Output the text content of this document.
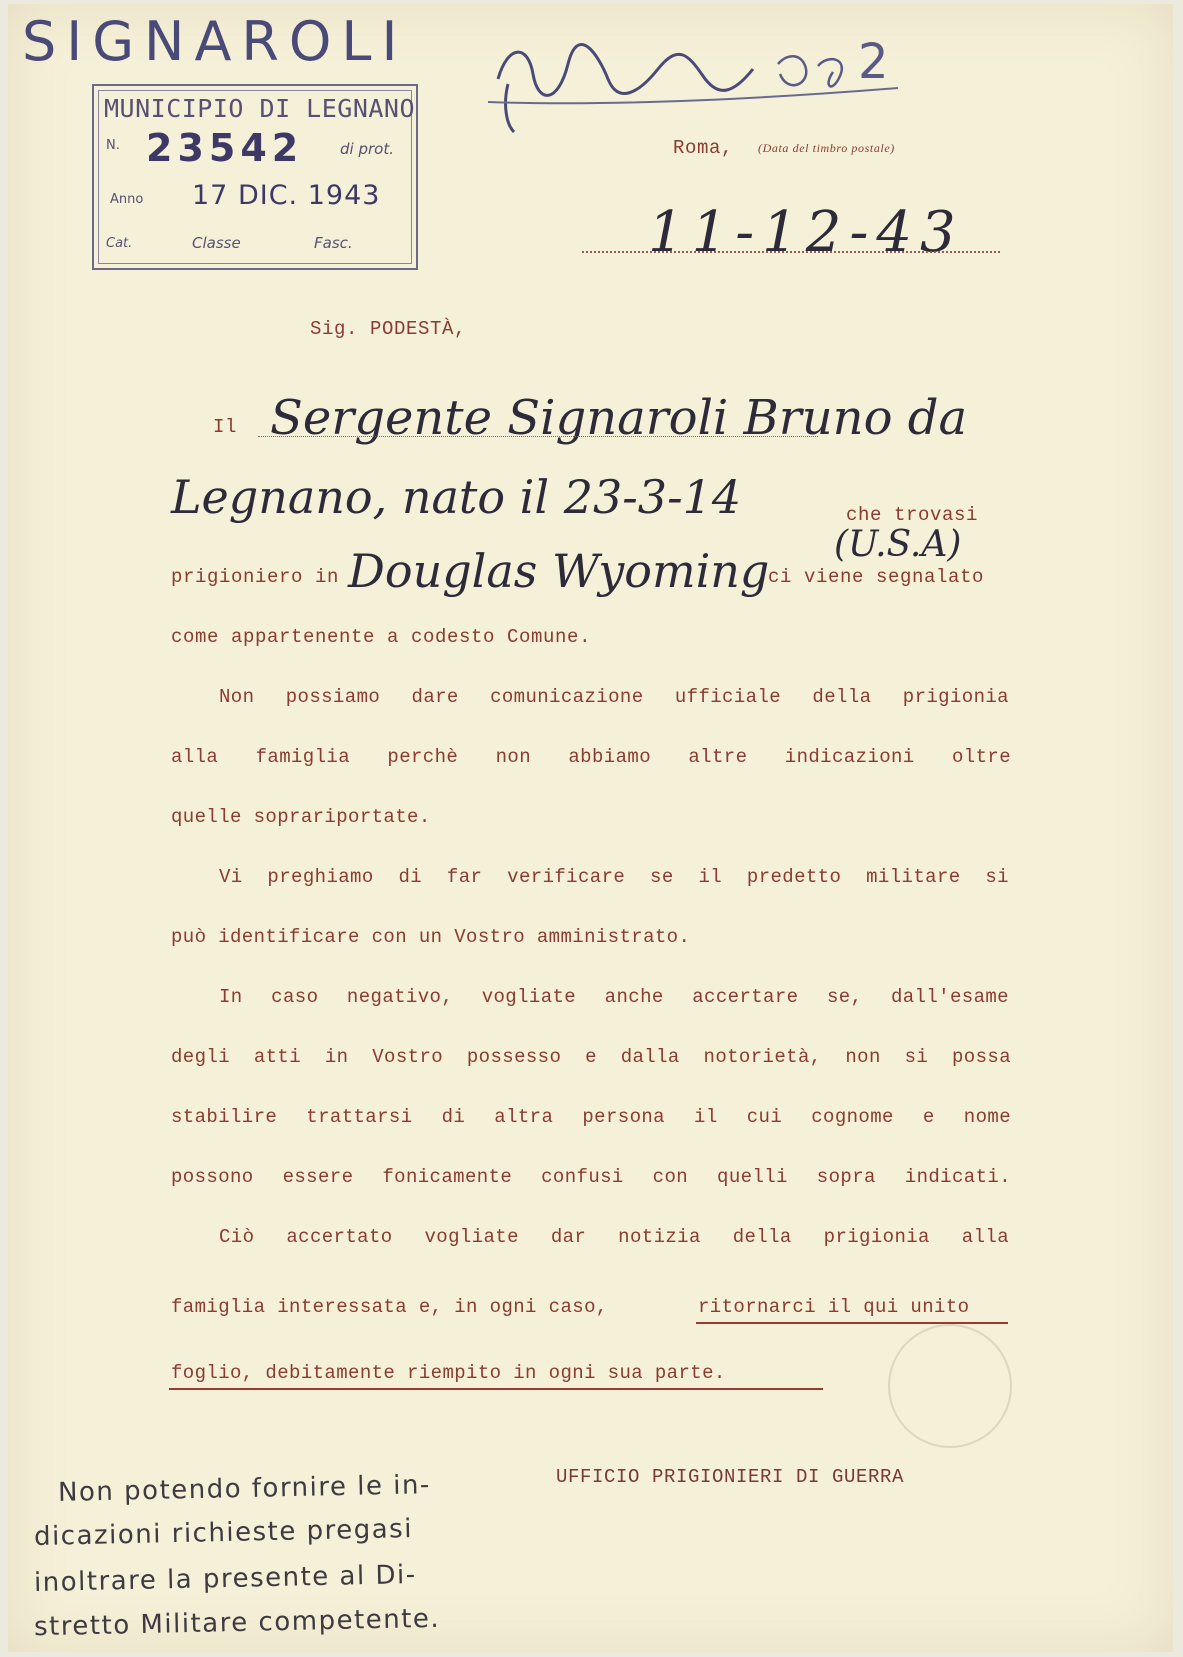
SIGNAROLI	2
MUNICIPIO DI LEGNANO
N. 23542 di prot.
Anno 17 DIC. 1943
Cat.	Classe	Fasc.
Roma, (Data del timbro postale)
11-12-43
Sig. PODESTÀ,
Il Sergente Signaroli Bruno da
Legnano, nato il 23-3-14	che trovasi
prigioniero in Douglas Wyoming
ci viene segnalato
(U.S.A)
come appartenente a codesto Comune.
Non possiamo dare comunicazione ufficiale della prigionia
alla famiglia perchè non abbiamo altre indicazioni oltre
quelle soprariportate.
Vi preghiamo di far verificare se il predetto militare si
può identificare con un Vostro amministrato.
In caso negativo, vogliate anche accertare se, dall'esame
degli atti in Vostro possesso e dalla notorietà, non si possa
stabilire trattarsi di altra persona il cui cognome e nome
possono essere fonicamente confusi con quelli sopra indicati.
Ciò accertato vogliate dar notizia della prigionia alla
famiglia interessata e, in ogni caso,	ritornarci il qui unito
foglio, debitamente riempito in ogni sua parte.
UFFICIO PRIGIONIERI DI GUERRA
Non potendo fornire le in-
dicazioni richieste pregasi
inoltrare la presente al Di-
stretto Militare competente.
